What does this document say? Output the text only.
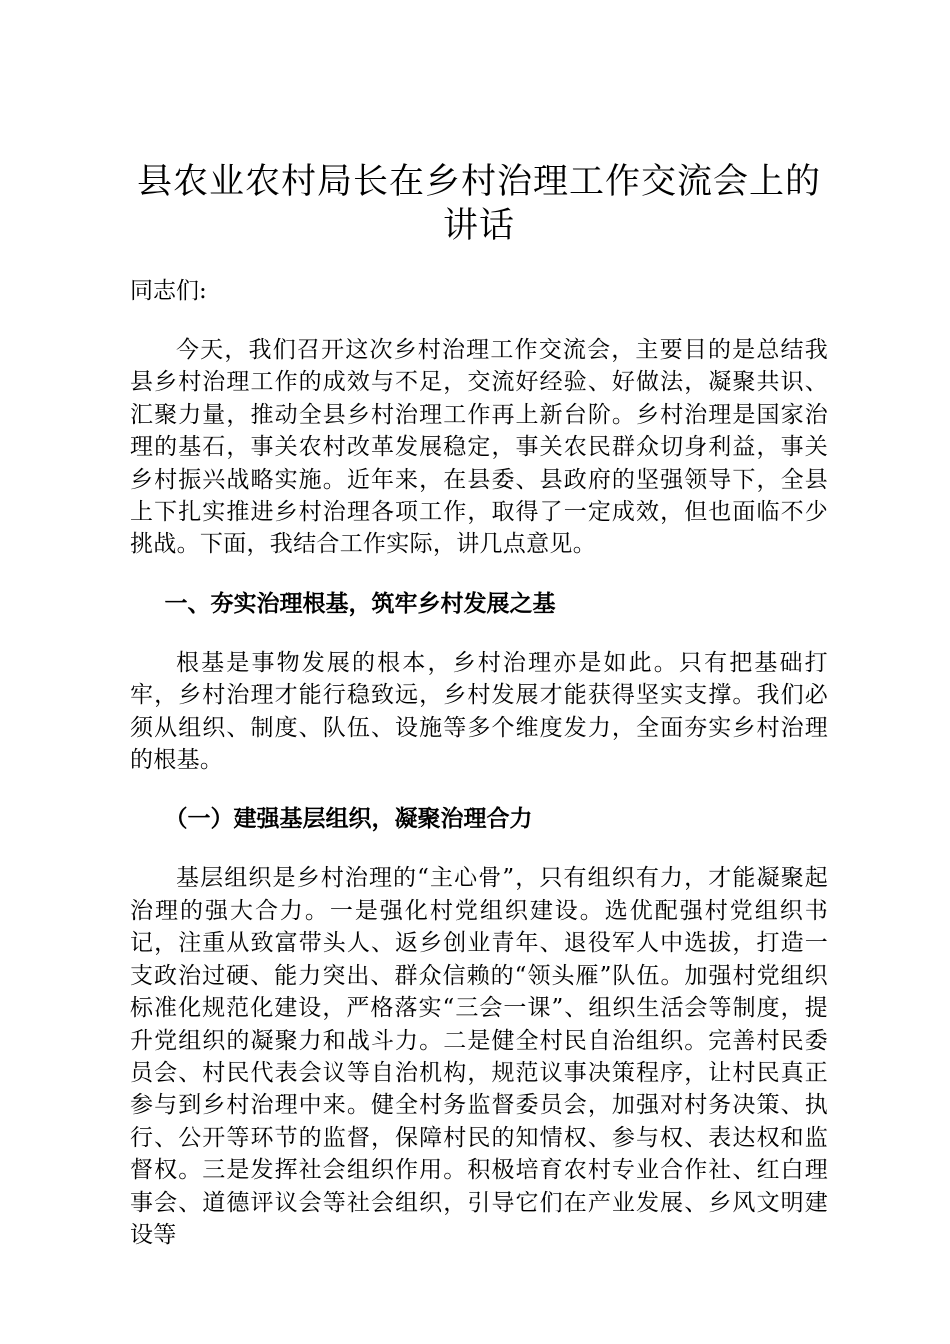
县农业农村局长在乡村治理工作交流会上的讲话

同志们:

今天，我们召开这次乡村治理工作交流会，主要目的是总结我县乡村治理工作的成效与不足，交流好经验、好做法，凝聚共识、汇聚力量，推动全县乡村治理工作再上新台阶。乡村治理是国家治理的基石，事关农村改革发展稳定，事关农民群众切身利益，事关乡村振兴战略实施。近年来，在县委、县政府的坚强领导下，全县上下扎实推进乡村治理各项工作，取得了一定成效，但也面临不少挑战。下面，我结合工作实际，讲几点意见。

一、夯实治理根基，筑牢乡村发展之基

根基是事物发展的根本，乡村治理亦是如此。只有把基础打牢，乡村治理才能行稳致远，乡村发展才能获得坚实支撑。我们必须从组织、制度、队伍、设施等多个维度发力，全面夯实乡村治理的根基。

（一）建强基层组织，凝聚治理合力

基层组织是乡村治理的“主心骨”，只有组织有力，才能凝聚起治理的强大合力。一是强化村党组织建设。选优配强村党组织书记，注重从致富带头人、返乡创业青年、退役军人中选拔，打造一支政治过硬、能力突出、群众信赖的“领头雁”队伍。加强村党组织标准化规范化建设，严格落实“三会一课”、组织生活会等制度，提升党组织的凝聚力和战斗力。二是健全村民自治组织。完善村民委员会、村民代表会议等自治机构，规范议事决策程序，让村民真正参与到乡村治理中来。健全村务监督委员会，加强对村务决策、执行、公开等环节的监督，保障村民的知情权、参与权、表达权和监督权。三是发挥社会组织作用。积极培育农村专业合作社、红白理事会、道德评议会等社会组织，引导它们在产业发展、乡风文明建设等
